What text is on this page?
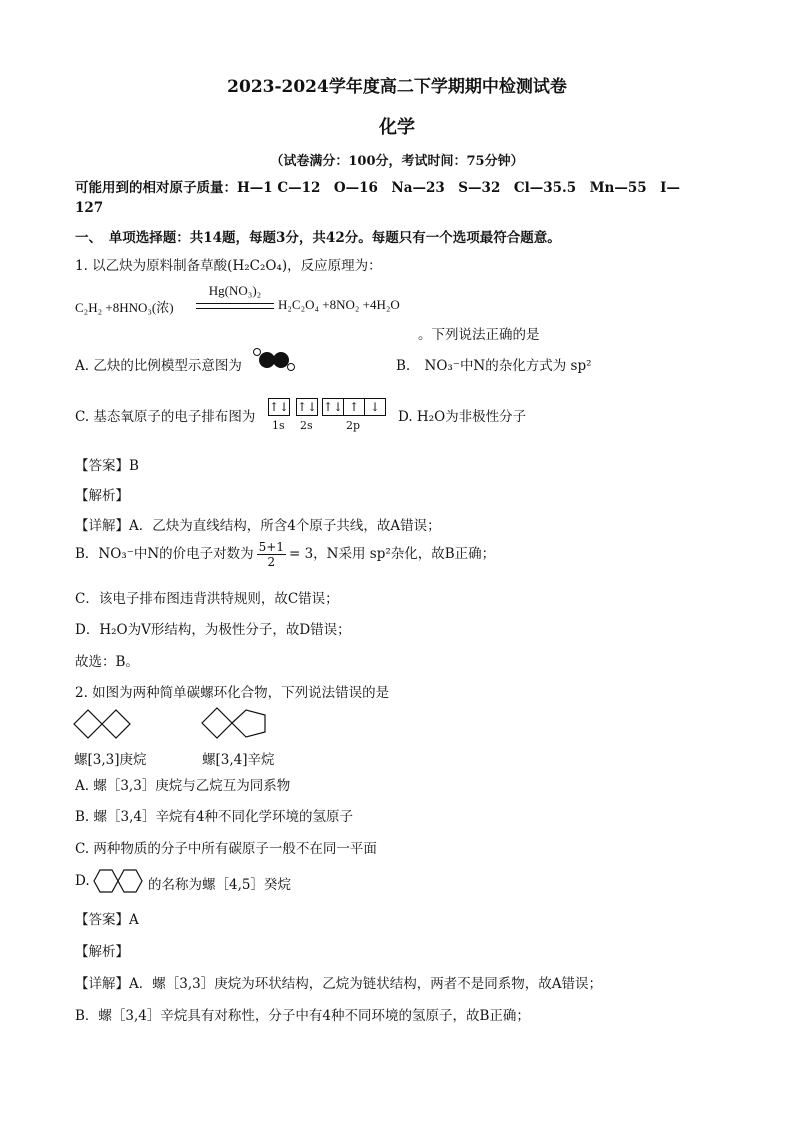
2023-2024学年度高二下学期期中检测试卷
化学
（试卷满分：100分，考试时间：75分钟）
可能用到的相对原子质量：H—1 C—12　O—16　Na—23　S—32　Cl—35.5　Mn—55　I—
127
一、　单项选择题：共14题，每题3分，共42分。每题只有一个选项最符合题意。
1. 以乙炔为原料制备草酸(H₂C₂O₄)，反应原理为：
C₂H₂ +8HNO₃(浓)
Hg(NO₃)₂
H₂C₂O₄ +8NO₂ +4H₂O
。下列说法正确的是
A. 乙炔的比例模型示意图为	B. NO₃⁻中N的杂化方式为 sp²
C. 基态氧原子的电子排布图为
↑↓ ↑↓ ↑↓ ↑ ↓
1s 2s	2p
D. H₂O为非极性分子
【答案】B
【解析】
【详解】A．乙炔为直线结构，所含4个原子共线，故A错误；
B．NO₃⁻中N的价电子对数为 $\frac{5+1}{2} = 3$，N采用 sp²杂化，故B正确；
C．该电子排布图违背洪特规则，故C错误；
D．H₂O为V形结构，为极性分子，故D错误；
故选：B。
2. 如图为两种简单碳螺环化合物，下列说法错误的是
螺[3,3]庚烷	螺[3,4]辛烷
A. 螺［3,3］庚烷与乙烷互为同系物
B. 螺［3,4］辛烷有4种不同化学环境的氢原子
C. 两种物质的分子中所有碳原子一般不在同一平面
D.	的名称为螺［4,5］癸烷
【答案】A
【解析】
【详解】A．螺［3,3］庚烷为环状结构，乙烷为链状结构，两者不是同系物，故A错误；
B．螺［3,4］辛烷具有对称性，分子中有4种不同环境的氢原子，故B正确；
